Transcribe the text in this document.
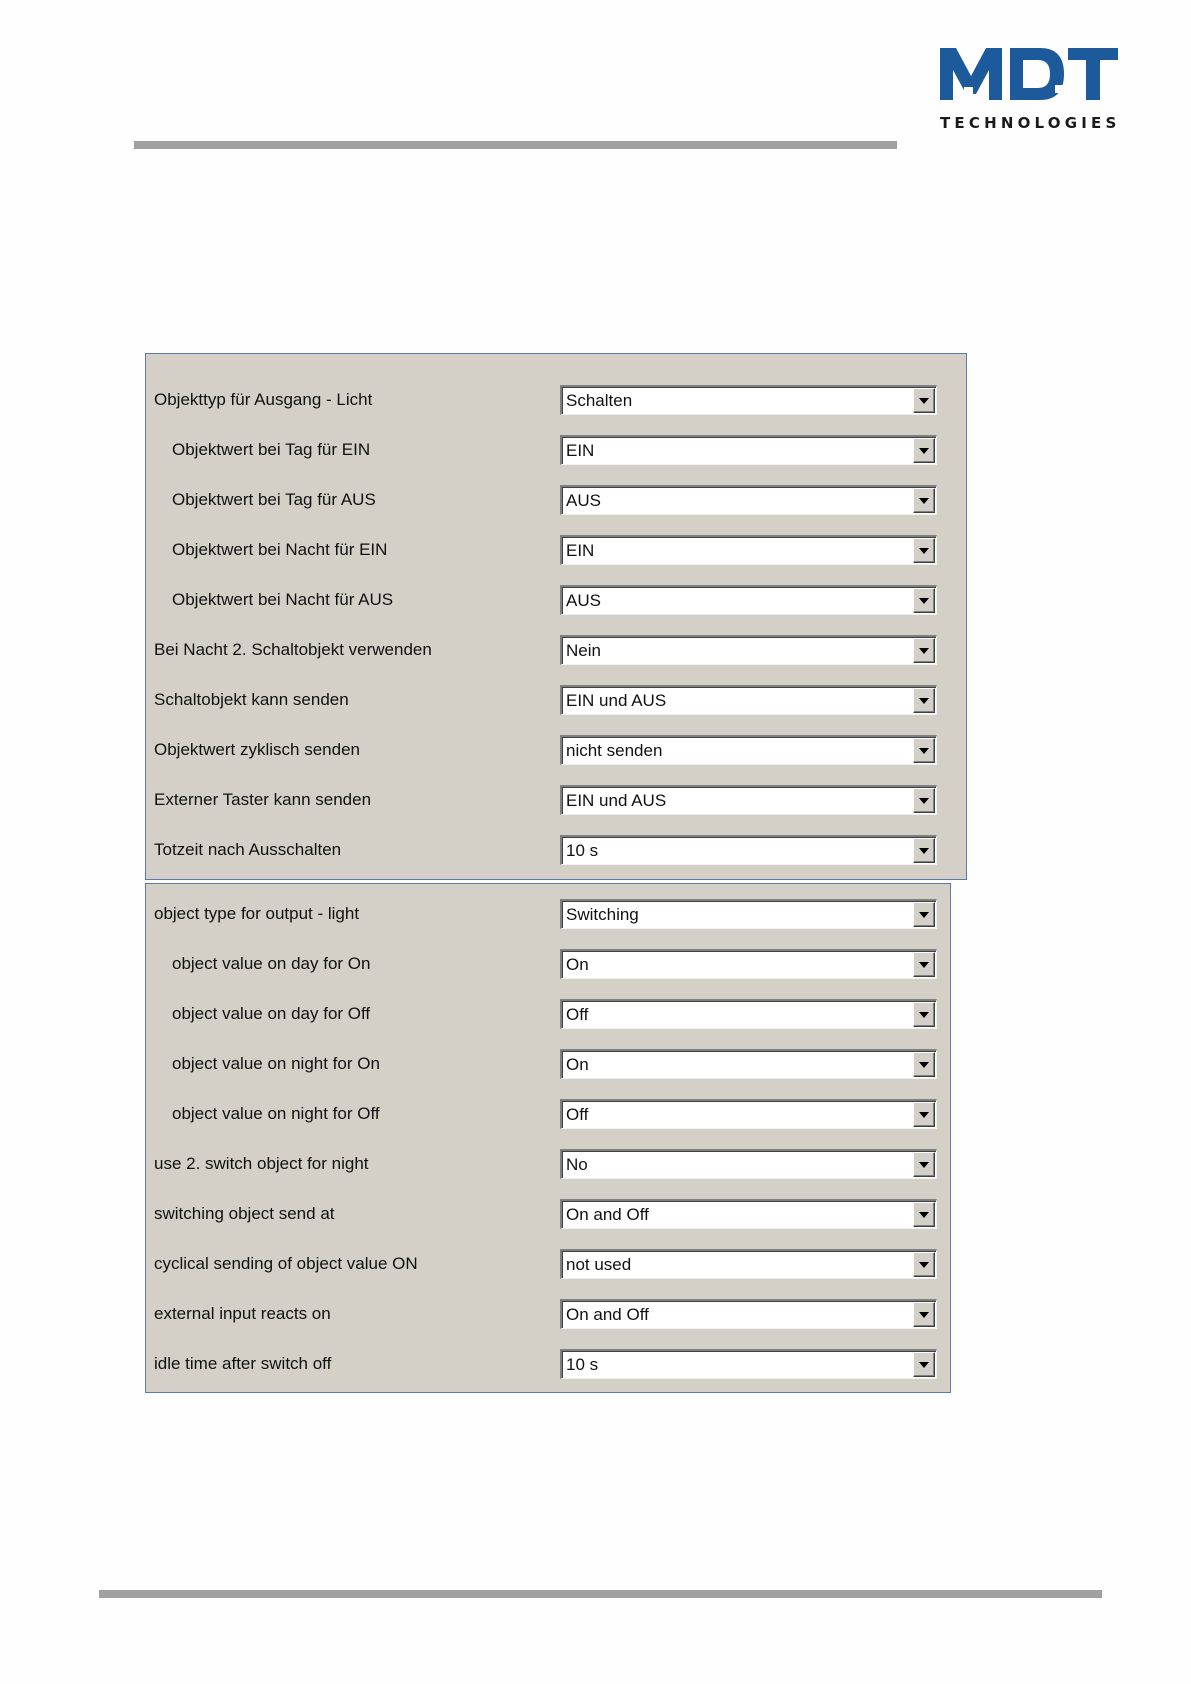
TECHNOLOGIES
Objekttyp für Ausgang - Licht	Schalten
Objektwert bei Tag für EIN	EIN
Objektwert bei Tag für AUS	AUS
Objektwert bei Nacht für EIN	EIN
Objektwert bei Nacht für AUS	AUS
Bei Nacht 2. Schaltobjekt verwenden	Nein
Schaltobjekt kann senden	EIN und AUS
Objektwert zyklisch senden	nicht senden
Externer Taster kann senden	EIN und AUS
Totzeit nach Ausschalten	10 s
object type for output - light	Switching
object value on day for On	On
object value on day for Off	Off
object value on night for On	On
object value on night for Off	Off
use 2. switch object for night	No
switching object send at	On and Off
cyclical sending of object value ON	not used
external input reacts on	On and Off
idle time after switch off	10 s
